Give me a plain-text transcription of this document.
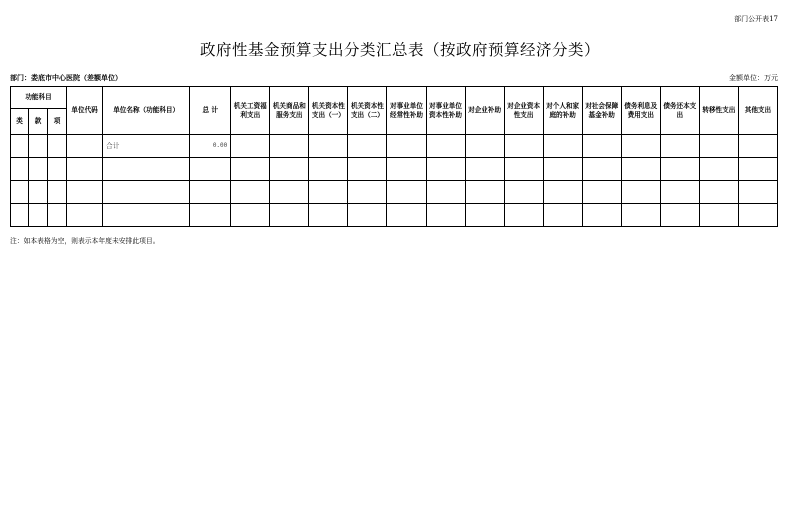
部门公开表17
政府性基金预算支出分类汇总表（按政府预算经济分类）
部门：娄底市中心医院（差额单位）	金额单位：万元
功能科目			单位代码	单位名称（功能科目）	总 计	机关工资福利支出	机关商品和服务支出	机关资本性支出（一）	机关资本性支出（二）	对事业单位经常性补助	对事业单位资本性补助	对企业补助	对企业资本性支出	对个人和家庭的补助	对社会保障基金补助	债务利息及费用支出	债务还本支出	转移性支出	其他支出
类	款	项																	
				合计	0.00														

注：如本表格为空，则表示本年度未安排此项目。
